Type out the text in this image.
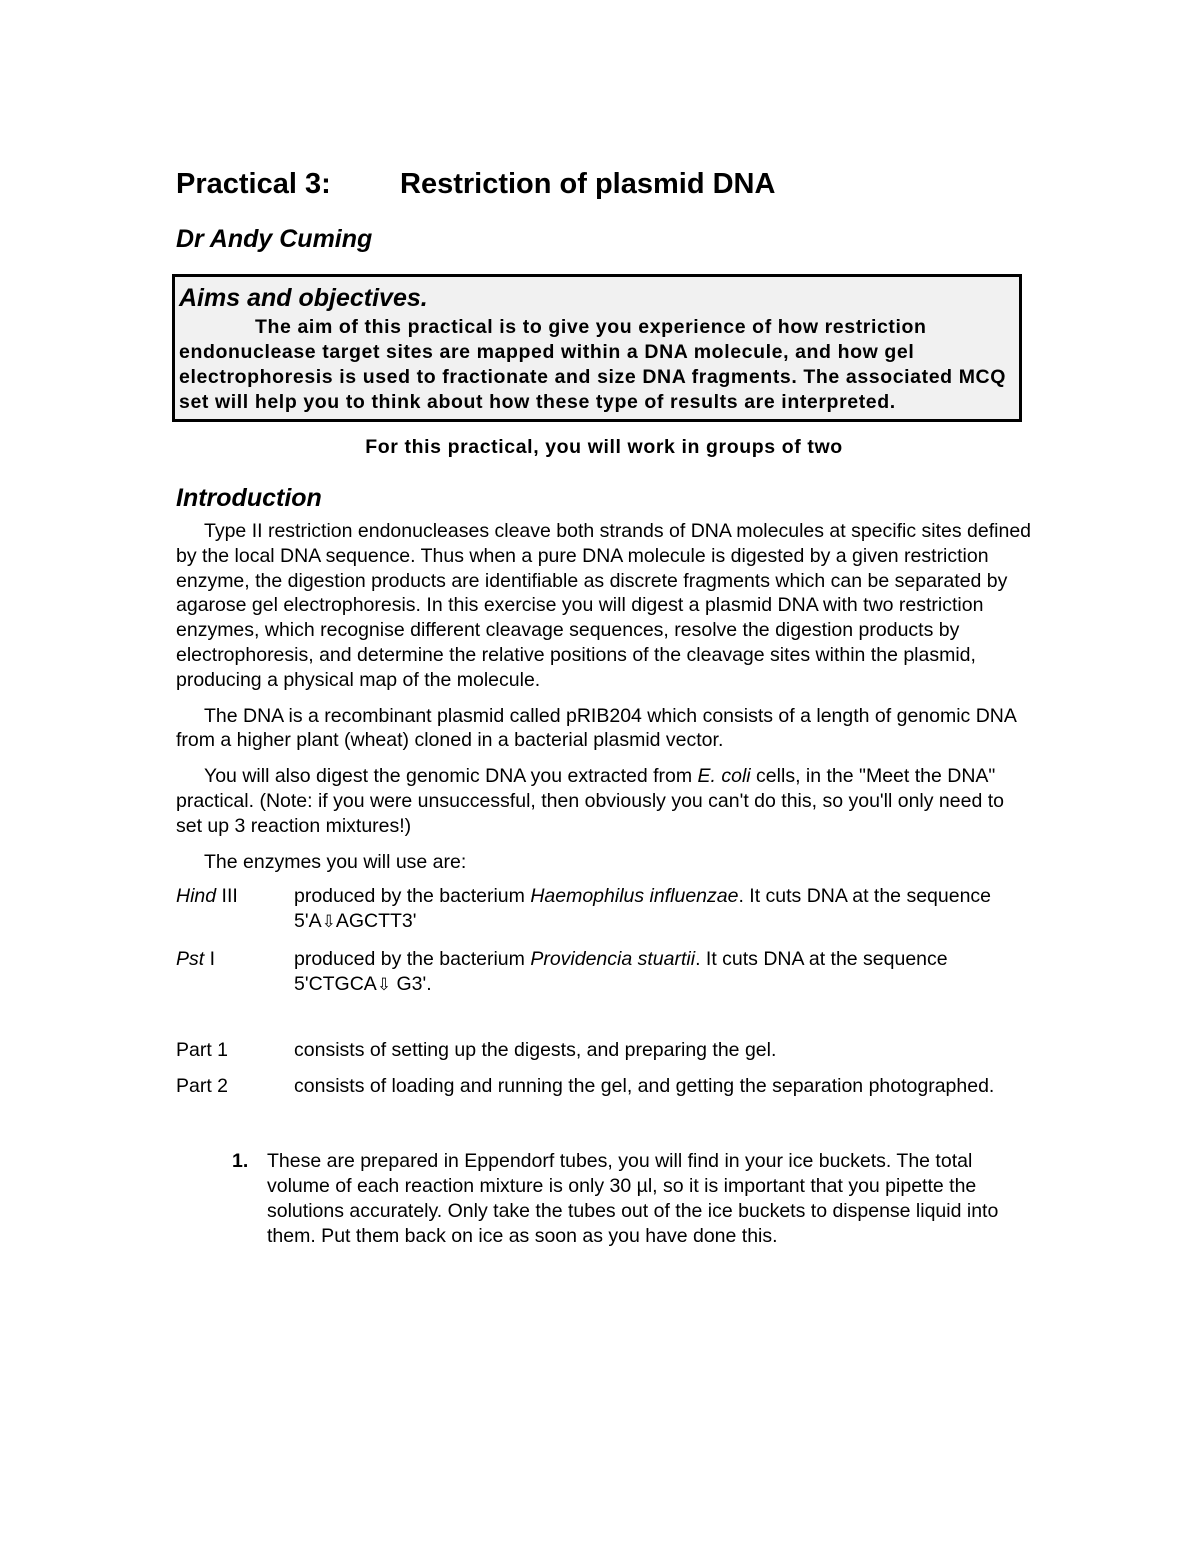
Practical 3:	Restriction of plasmid DNA
Dr Andy Cuming
Aims and objectives.
The aim of this practical is to give you experience of how restriction endonuclease target sites are mapped within a DNA molecule, and how gel electrophoresis is used to fractionate and size DNA fragments. The associated MCQ set will help you to think about how these type of results are interpreted.
For this practical, you will work in groups of two
Introduction

Type II restriction endonucleases cleave both strands of DNA molecules at specific sites defined by the local DNA sequence. Thus when a pure DNA molecule is digested by a given restriction enzyme, the digestion products are identifiable as discrete fragments which can be separated by agarose gel electrophoresis. In this exercise you will digest a plasmid DNA with two restriction enzymes, which recognise different cleavage sequences, resolve the digestion products by electrophoresis, and determine the relative positions of the cleavage sites within the plasmid, producing a physical map of the molecule.

The DNA is a recombinant plasmid called pRIB204 which consists of a length of genomic DNA from a higher plant (wheat) cloned in a bacterial plasmid vector.

You will also digest the genomic DNA you extracted from E. coli cells, in the "Meet the DNA" practical. (Note: if you were unsuccessful, then obviously you can't do this, so you'll only need to set up 3 reaction mixtures!)

The enzymes you will use are:

Hind III	produced by the bacterium Haemophilus influenzae. It cuts DNA at the sequence 5'A⇩AGCTT3'
Pst I	produced by the bacterium Providencia stuartii. It cuts DNA at the sequence 5'CTGCA⇩ G3'.
Part 1	consists of setting up the digests, and preparing the gel.
Part 2	consists of loading and running the gel, and getting the separation photographed.
1. These are prepared in Eppendorf tubes, you will find in your ice buckets. The total volume of each reaction mixture is only 30 µl, so it is important that you pipette the solutions accurately. Only take the tubes out of the ice buckets to dispense liquid into them. Put them back on ice as soon as you have done this.
